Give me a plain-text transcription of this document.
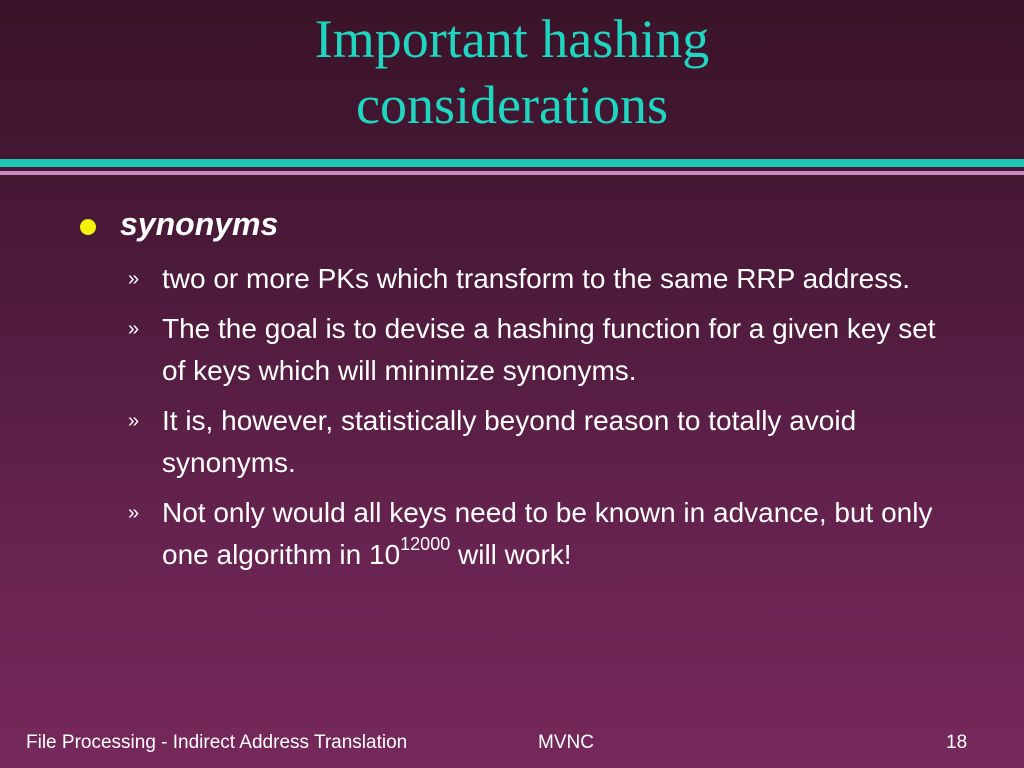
Important hashing
considerations
synonyms
» two or more PKs which transform to the same RRP address.
» The the goal is to devise a hashing function for a given key set of keys which will minimize synonyms.
» It is, however, statistically beyond reason to totally avoid synonyms.
» Not only would all keys need to be known in advance, but only one algorithm in $10^{12000}$ will work!
File Processing - Indirect Address Translation	MVNC	18
